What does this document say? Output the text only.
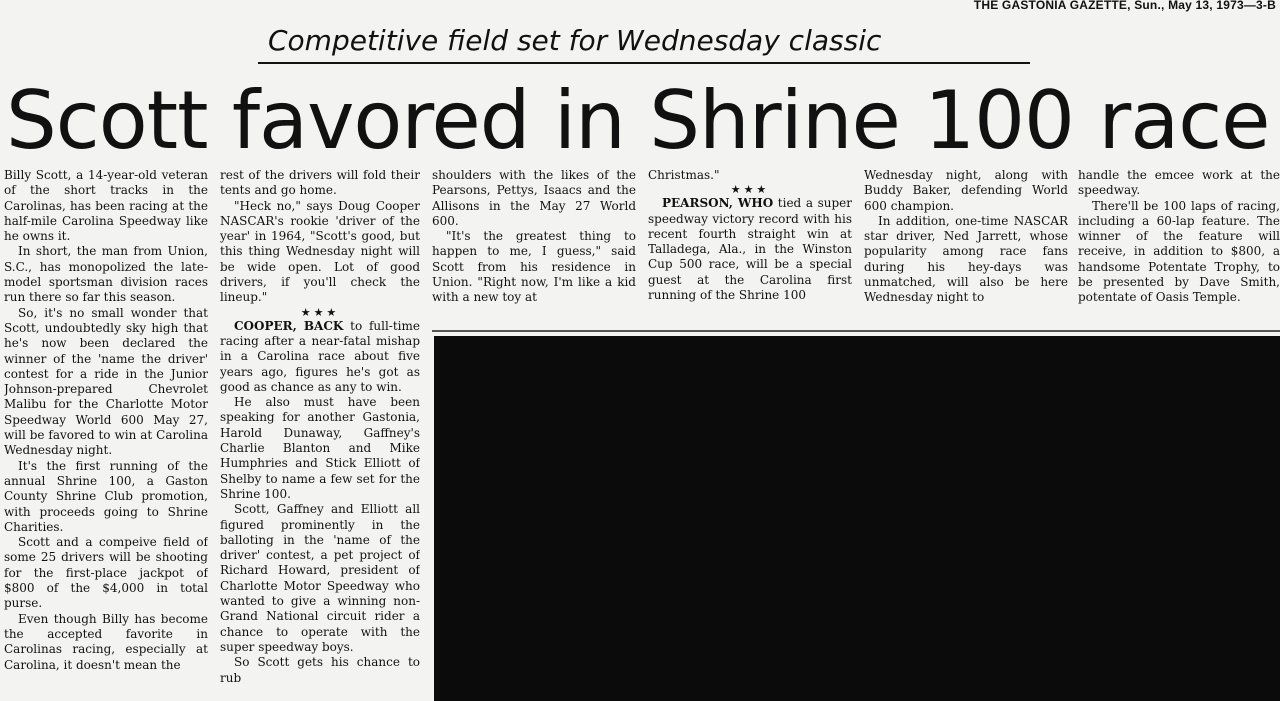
THE GASTONIA GAZETTE, Sun., May 13, 1973—3-B
Competitive field set for Wednesday classic
Scott favored in Shrine 100 race

Billy Scott, a 14-year-old veteran of the short tracks in the Carolinas, has been racing at the half-mile Carolina Speedway like he owns it.

In short, the man from Union, S.C., has monopolized the late-model sportsman division races run there so far this season.

So, it's no small wonder that Scott, undoubtedly sky high that he's now been declared the winner of the 'name the driver' contest for a ride in the Junior Johnson-prepared Chevrolet Malibu for the Charlotte Motor Speedway World 600 May 27, will be favored to win at Carolina Wednesday night.

It's the first running of the annual Shrine 100, a Gaston County Shrine Club promotion, with proceeds going to Shrine Charities.

Scott and a compeive field of some 25 drivers will be shooting for the first-place jackpot of $800 of the $4,000 in total purse.

Even though Billy has become the accepted favorite in Carolinas racing, especially at Carolina, it doesn't mean the

rest of the drivers will fold their tents and go home.

"Heck no," says Doug Cooper NASCAR's rookie 'driver of the year' in 1964, "Scott's good, but this thing Wednesday night will be wide open. Lot of good drivers, if you'll check the lineup."

★★★

COOPER, BACK to full-time racing after a near-fatal mishap in a Carolina race about five years ago, figures he's got as good as chance as any to win.

He also must have been speaking for another Gastonia, Harold Dunaway, Gaffney's Charlie Blanton and Mike Humphries and Stick Elliott of Shelby to name a few set for the Shrine 100.

Scott, Gaffney and Elliott all figured prominently in the balloting in the 'name of the driver' contest, a pet project of Richard Howard, president of Charlotte Motor Speedway who wanted to give a winning non-Grand National circuit rider a chance to operate with the super speedway boys.

So Scott gets his chance to rub

shoulders with the likes of the Pearsons, Pettys, Isaacs and the Allisons in the May 27 World 600.

"It's the greatest thing to happen to me, I guess," said Scott from his residence in Union. "Right now, I'm like a kid with a new toy at

Christmas."

★★★

PEARSON, WHO tied a super speedway victory record with his recent fourth straight win at Talladega, Ala., in the Winston Cup 500 race, will be a special guest at the Carolina first running of the Shrine 100

Wednesday night, along with Buddy Baker, defending World 600 champion.

In addition, one-time NASCAR star driver, Ned Jarrett, whose popularity among race fans during his hey-days was unmatched, will also be here Wednesday night to

handle the emcee work at the speedway.

There'll be 100 laps of racing, including a 60-lap feature. The winner of the feature will receive, in addition to $800, a handsome Potentate Trophy, to be presented by Dave Smith, potentate of Oasis Temple.
